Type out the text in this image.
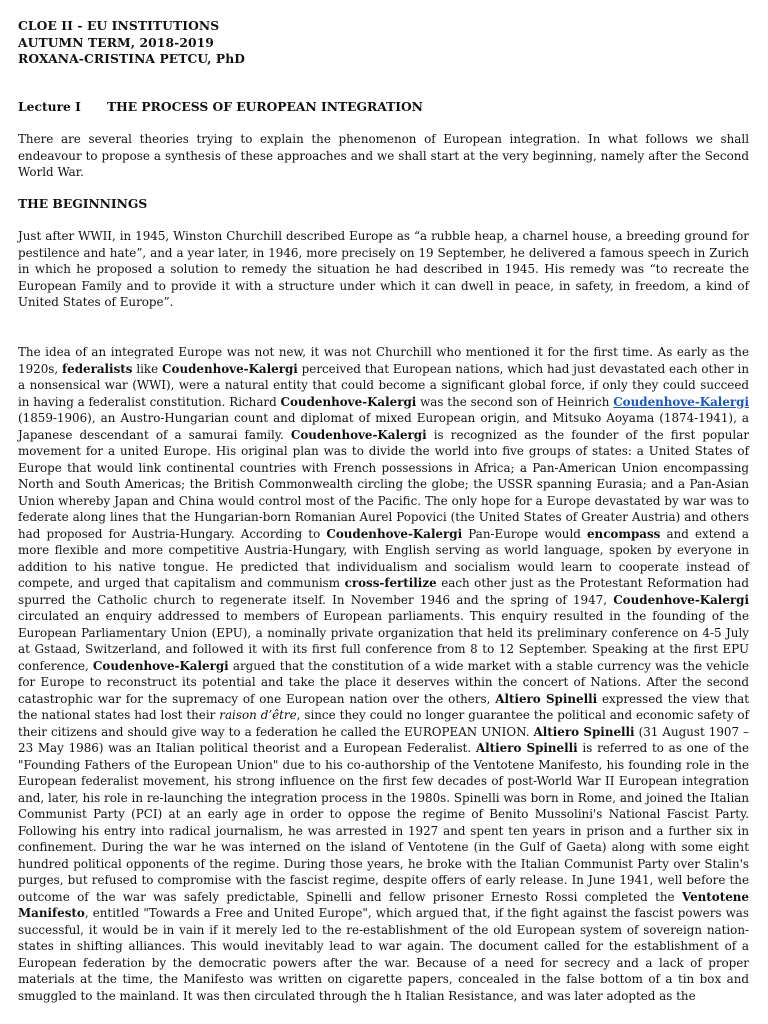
CLOE II - EU INSTITUTIONS
AUTUMN TERM, 2018-2019
ROXANA-CRISTINA PETCU, PhD
Lecture I THE PROCESS OF EUROPEAN INTEGRATION

There are several theories trying to explain the phenomenon of European integration. In what follows we shall endeavour to propose a synthesis of these approaches and we shall start at the very beginning, namely after the Second World War.

THE BEGINNINGS

Just after WWII, in 1945, Winston Churchill described Europe as “a rubble heap, a charnel house, a breeding ground for pestilence and hate”, and a year later, in 1946, more precisely on 19 September, he delivered a famous speech in Zurich in which he proposed a solution to remedy the situation he had described in 1945. His remedy was “to recreate the European Family and to provide it with a structure under which it can dwell in peace, in safety, in freedom, a kind of United States of Europe”.

The idea of an integrated Europe was not new, it was not Churchill who mentioned it for the first time. As early as the 1920s, federalists like Coudenhove-Kalergi perceived that European nations, which had just devastated each other in a nonsensical war (WWI), were a natural entity that could become a significant global force, if only they could succeed in having a federalist constitution. Richard Coudenhove-Kalergi was the second son of Heinrich Coudenhove-Kalergi (1859-1906), an Austro-Hungarian count and diplomat of mixed European origin, and Mitsuko Aoyama (1874-1941), a Japanese descendant of a samurai family. Coudenhove-Kalergi is recognized as the founder of the first popular movement for a united Europe. His original plan was to divide the world into five groups of states: a United States of Europe that would link continental countries with French possessions in Africa; a Pan-American Union encompassing North and South Americas; the British Commonwealth circling the globe; the USSR spanning Eurasia; and a Pan-Asian Union whereby Japan and China would control most of the Pacific. The only hope for a Europe devastated by war was to federate along lines that the Hungarian-born Romanian Aurel Popovici (the United States of Greater Austria) and others had proposed for Austria-Hungary. According to Coudenhove-Kalergi Pan-Europe would encompass and extend a more flexible and more competitive Austria-Hungary, with English serving as world language, spoken by everyone in addition to his native tongue. He predicted that individualism and socialism would learn to cooperate instead of compete, and urged that capitalism and communism cross-fertilize each other just as the Protestant Reformation had spurred the Catholic church to regenerate itself. In November 1946 and the spring of 1947, Coudenhove-Kalergi circulated an enquiry addressed to members of European parliaments. This enquiry resulted in the founding of the European Parliamentary Union (EPU), a nominally private organization that held its preliminary conference on 4-5 July at Gstaad, Switzerland, and followed it with its first full conference from 8 to 12 September. Speaking at the first EPU conference, Coudenhove-Kalergi argued that the constitution of a wide market with a stable currency was the vehicle for Europe to reconstruct its potential and take the place it deserves within the concert of Nations. After the second catastrophic war for the supremacy of one European nation over the others, Altiero Spinelli expressed the view that the national states had lost their raison d’être, since they could no longer guarantee the political and economic safety of their citizens and should give way to a federation he called the EUROPEAN UNION. Altiero Spinelli (31 August 1907 – 23 May 1986) was an Italian political theorist and a European Federalist. Altiero Spinelli is referred to as one of the "Founding Fathers of the European Union" due to his co-authorship of the Ventotene Manifesto, his founding role in the European federalist movement, his strong influence on the first few decades of post-World War II European integration and, later, his role in re-launching the integration process in the 1980s. Spinelli was born in Rome, and joined the Italian Communist Party (PCI) at an early age in order to oppose the regime of Benito Mussolini's National Fascist Party. Following his entry into radical journalism, he was arrested in 1927 and spent ten years in prison and a further six in confinement. During the war he was interned on the island of Ventotene (in the Gulf of Gaeta) along with some eight hundred political opponents of the regime. During those years, he broke with the Italian Communist Party over Stalin's purges, but refused to compromise with the fascist regime, despite offers of early release. In June 1941, well before the outcome of the war was safely predictable, Spinelli and fellow prisoner Ernesto Rossi completed the Ventotene Manifesto, entitled "Towards a Free and United Europe", which argued that, if the fight against the fascist powers was successful, it would be in vain if it merely led to the re-establishment of the old European system of sovereign nation-states in shifting alliances. This would inevitably lead to war again. The document called for the establishment of a European federation by the democratic powers after the war. Because of a need for secrecy and a lack of proper materials at the time, the Manifesto was written on cigarette papers, concealed in the false bottom of a tin box and smuggled to the mainland. It was then circulated through the h Italian Resistance, and was later adopted as the
